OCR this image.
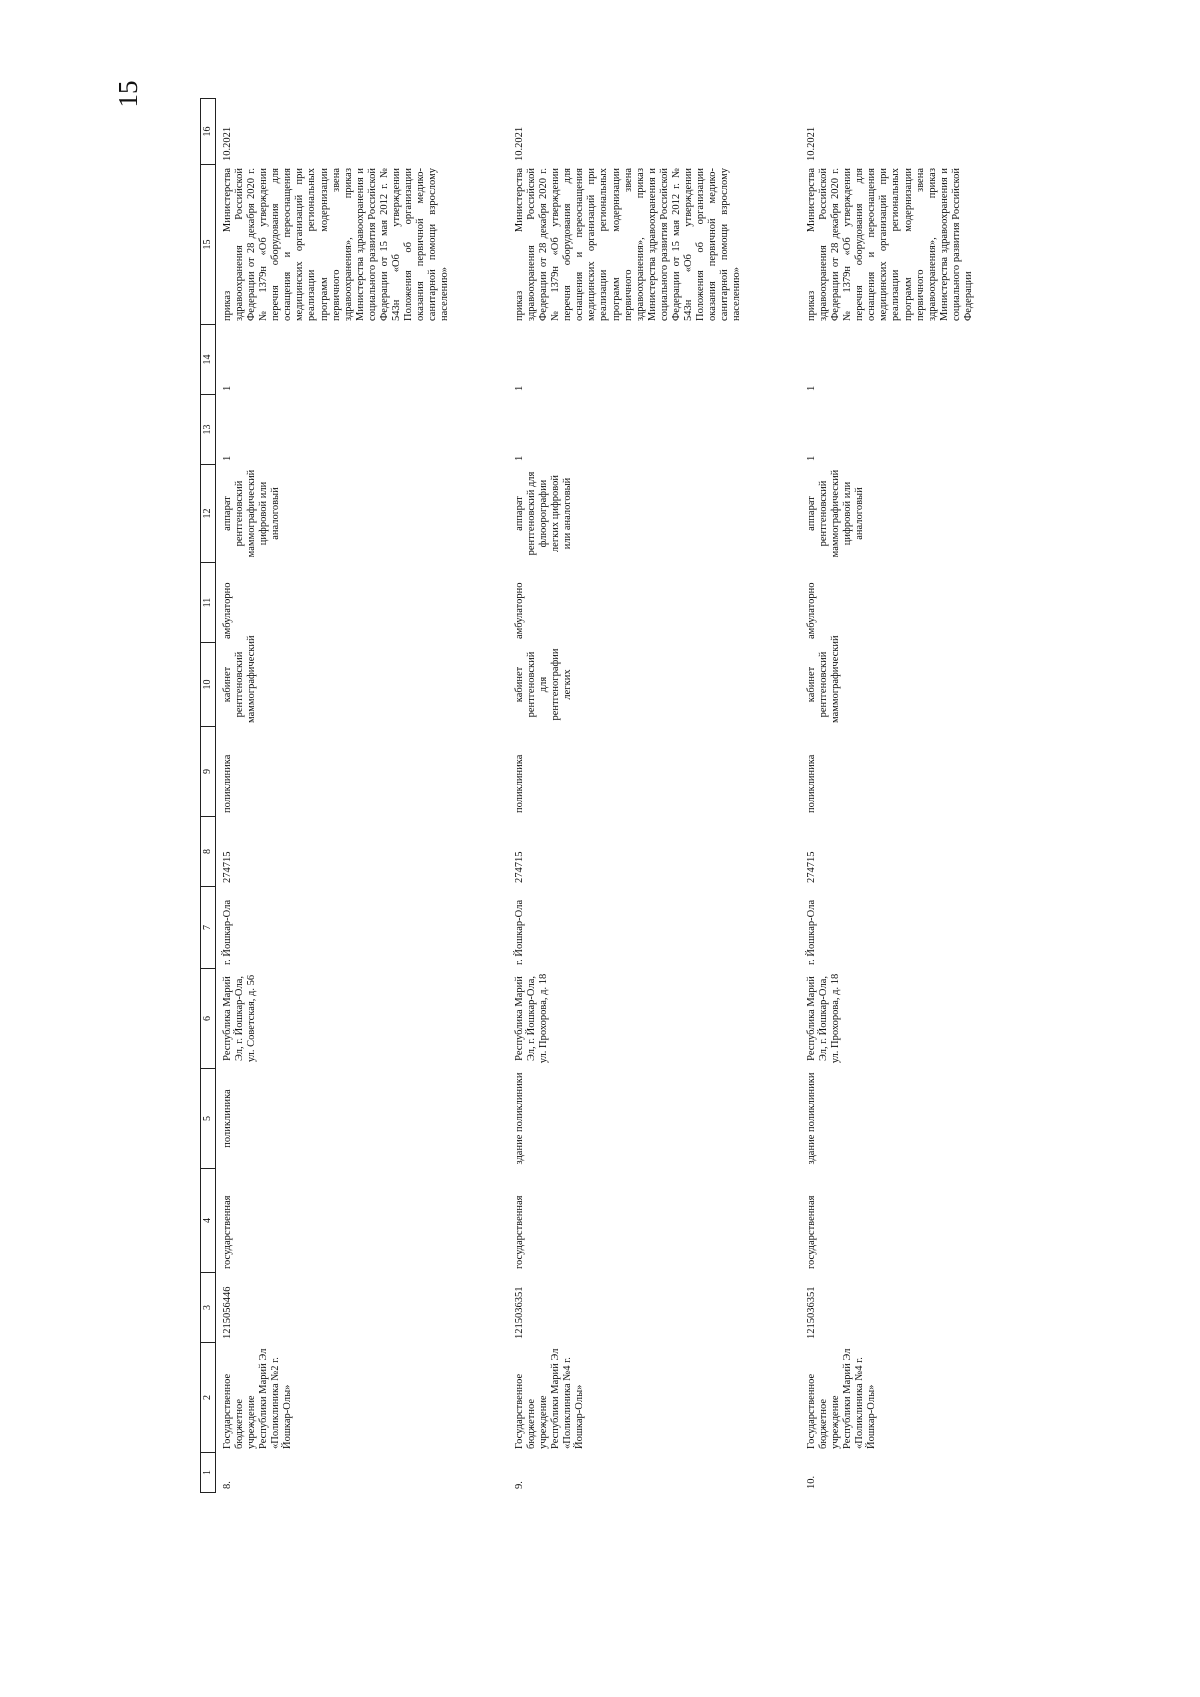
15
1	2	3	4	5	6	7	8	9	10	11	12	13	14	15	16
8.	Государственное бюджетное учреждение Республики Марий Эл «Поликлиника №2 г. Йошкар-Олы»	1215056446	государственная	поликлиника	Республика Марий Эл, г. Йошкар-Ола, ул. Советская, д. 56	г. Йошкар-Ола	274715	поликлиника	кабинет рентгеновский маммографический	амбулаторно	аппарат рентгеновский маммографический цифровой или аналоговый	1	1	приказ Министерства здравоохранения Российской Федерации от 28 декабря 2020 г. № 1379н «Об утверждении перечня оборудования для оснащения и переоснащения медицинских организаций при реализации региональных программ модернизации первичного звена здравоохранения», приказ Министерства здравоохранения и социального развития Российской Федерации от 15 мая 2012 г. № 543н «Об утверждении Положения об организации оказания первичной медико-санитарной помощи взрослому населению»	10.2021
9.	Государственное бюджетное учреждение Республики Марий Эл «Поликлиника №4 г. Йошкар-Олы»	1215036351	государственная	здание поликлиники	Республика Марий Эл, г. Йошкар-Ола, ул. Прохорова, д. 18	г. Йошкар-Ола	274715	поликлиника	кабинет рентгеновский для рентгенографии легких	амбулаторно	аппарат рентгеновский для флюорографии легких цифровой или аналоговый	1	1	приказ Министерства здравоохранения Российской Федерации от 28 декабря 2020 г. № 1379н «Об утверждении перечня оборудования для оснащения и переоснащения медицинских организаций при реализации региональных программ модернизации первичного звена здравоохранения», приказ Министерства здравоохранения и социального развития Российской Федерации от 15 мая 2012 г. № 543н «Об утверждении Положения об организации оказания первичной медико-санитарной помощи взрослому населению»	10.2021
10.	Государственное бюджетное учреждение Республики Марий Эл «Поликлиника №4 г. Йошкар-Олы»	1215036351	государственная	здание поликлиники	Республика Марий Эл, г. Йошкар-Ола, ул. Прохорова, д. 18	г. Йошкар-Ола	274715	поликлиника	кабинет рентгеновский маммографический	амбулаторно	аппарат рентгеновский маммографический цифровой или аналоговый	1	1	приказ Министерства здравоохранения Российской Федерации от 28 декабря 2020 г. № 1379н «Об утверждении перечня оборудования для оснащения и переоснащения медицинских организаций при реализации региональных программ модернизации первичного звена здравоохранения», приказ Министерства здравоохранения и социального развития Российской Федерации	10.2021
